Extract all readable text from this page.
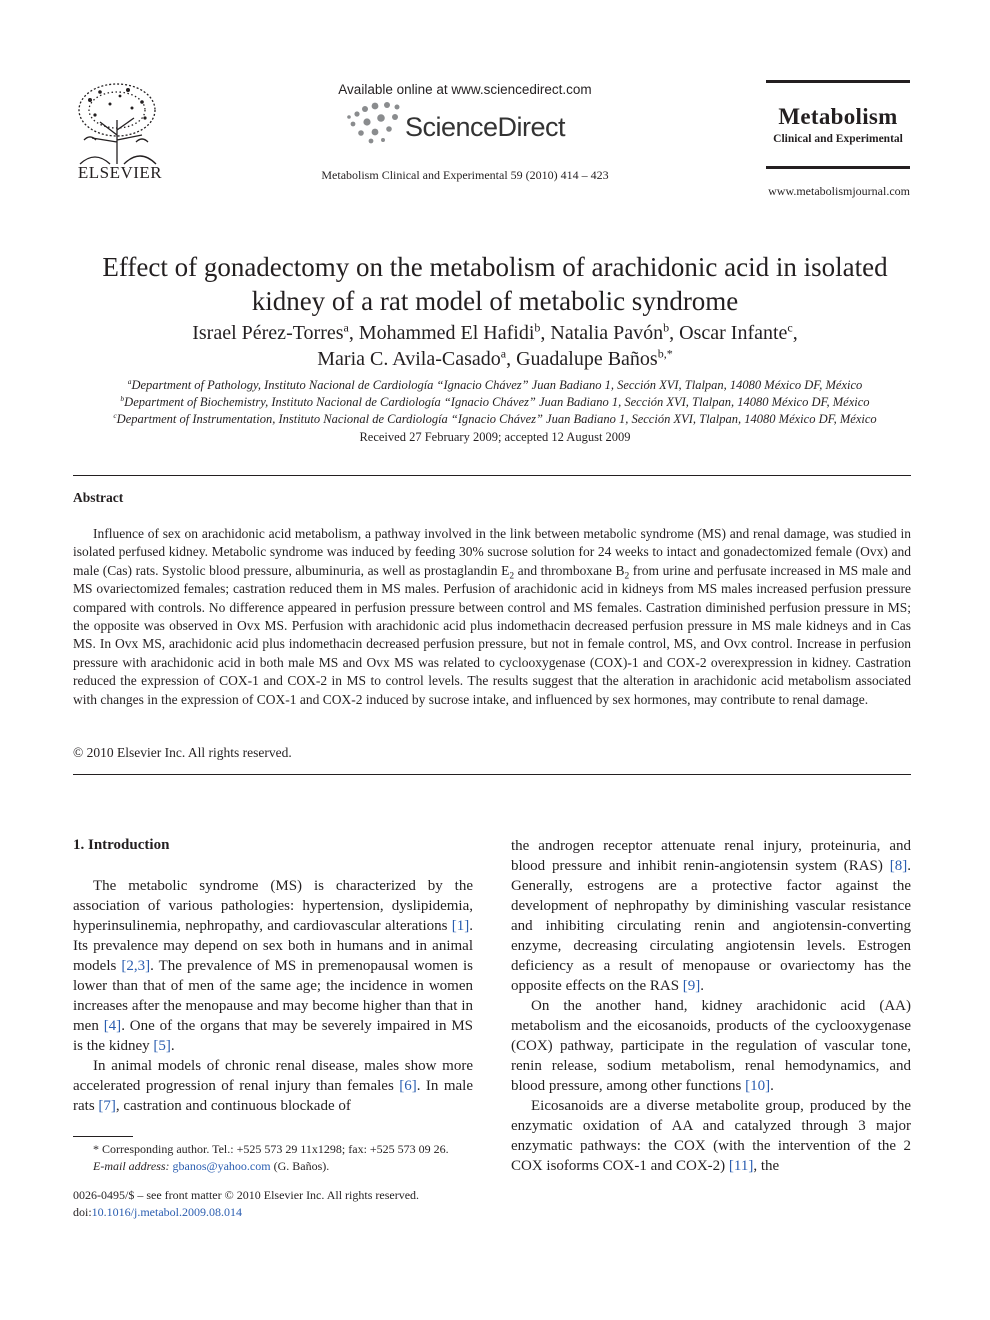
ELSEVIER
Available online at www.sciencedirect.com
ScienceDirect
Metabolism Clinical and Experimental 59 (2010) 414 – 423
Metabolism
Clinical and Experimental
www.metabolismjournal.com
Effect of gonadectomy on the metabolism of arachidonic acid in isolated
kidney of a rat model of metabolic syndrome
Israel Pérez-Torres$^a$, Mohammed El Hafidi$^b$, Natalia Pavón$^b$, Oscar Infante$^c$,
Maria C. Avila-Casado$^a$, Guadalupe Baños$^{b,*}$
$^a$Department of Pathology, Instituto Nacional de Cardiología “Ignacio Chávez” Juan Badiano 1, Sección XVI, Tlalpan, 14080 México DF, México
$^b$Department of Biochemistry, Instituto Nacional de Cardiología “Ignacio Chávez” Juan Badiano 1, Sección XVI, Tlalpan, 14080 México DF, México
$^c$Department of Instrumentation, Instituto Nacional de Cardiología “Ignacio Chávez” Juan Badiano 1, Sección XVI, Tlalpan, 14080 México DF, México
Received 27 February 2009; accepted 12 August 2009
Abstract

Influence of sex on arachidonic acid metabolism, a pathway involved in the link between metabolic syndrome (MS) and renal damage, was studied in isolated perfused kidney. Metabolic syndrome was induced by feeding 30% sucrose solution for 24 weeks to intact and gonadectomized female (Ovx) and male (Cas) rats. Systolic blood pressure, albuminuria, as well as prostaglandin $E_2$ and thromboxane $B_2$ from urine and perfusate increased in MS male and MS ovariectomized females; castration reduced them in MS males. Perfusion of arachidonic acid in kidneys from MS males increased perfusion pressure compared with controls. No difference appeared in perfusion pressure between control and MS females. Castration diminished perfusion pressure in MS; the opposite was observed in Ovx MS. Perfusion with arachidonic acid plus indomethacin decreased perfusion pressure in MS male kidneys and in Cas MS. In Ovx MS, arachidonic acid plus indomethacin decreased perfusion pressure, but not in female control, MS, and Ovx control. Increase in perfusion pressure with arachidonic acid in both male MS and Ovx MS was related to cyclooxygenase (COX)-1 and COX-2 overexpression in kidney. Castration reduced the expression of COX-1 and COX-2 in MS to control levels. The results suggest that the alteration in arachidonic acid metabolism associated with changes in the expression of COX-1 and COX-2 induced by sucrose intake, and influenced by sex hormones, may contribute to renal damage.

© 2010 Elsevier Inc. All rights reserved.
1. Introduction

The metabolic syndrome (MS) is characterized by the association of various pathologies: hypertension, dyslipidemia, hyperinsulinemia, nephropathy, and cardiovascular alterations [1]. Its prevalence may depend on sex both in humans and in animal models [2,3]. The prevalence of MS in premenopausal women is lower than that of men of the same age; the incidence in women increases after the menopause and may become higher than that in men [4]. One of the organs that may be severely impaired in MS is the kidney [5].

In animal models of chronic renal disease, males show more accelerated progression of renal injury than females [6]. In male rats [7], castration and continuous blockade of

the androgen receptor attenuate renal injury, proteinuria, and blood pressure and inhibit renin-angiotensin system (RAS) [8]. Generally, estrogens are a protective factor against the development of nephropathy by diminishing vascular resistance and inhibiting circulating renin and angiotensin-converting enzyme, decreasing circulating angiotensin levels. Estrogen deficiency as a result of menopause or ovariectomy has the opposite effects on the RAS [9].

On the another hand, kidney arachidonic acid (AA) metabolism and the eicosanoids, products of the cyclooxygenase (COX) pathway, participate in the regulation of vascular tone, renin release, sodium metabolism, renal hemodynamics, and blood pressure, among other functions [10].

Eicosanoids are a diverse metabolite group, produced by the enzymatic oxidation of AA and catalyzed through 3 major enzymatic pathways: the COX (with the intervention of the 2 COX isoforms COX-1 and COX-2) [11], the

* Corresponding author. Tel.: +525 573 29 11x1298; fax: +525 573 09 26.
E-mail address: gbanos@yahoo.com (G. Baños).
0026-0495/$ – see front matter © 2010 Elsevier Inc. All rights reserved.
doi:10.1016/j.metabol.2009.08.014
